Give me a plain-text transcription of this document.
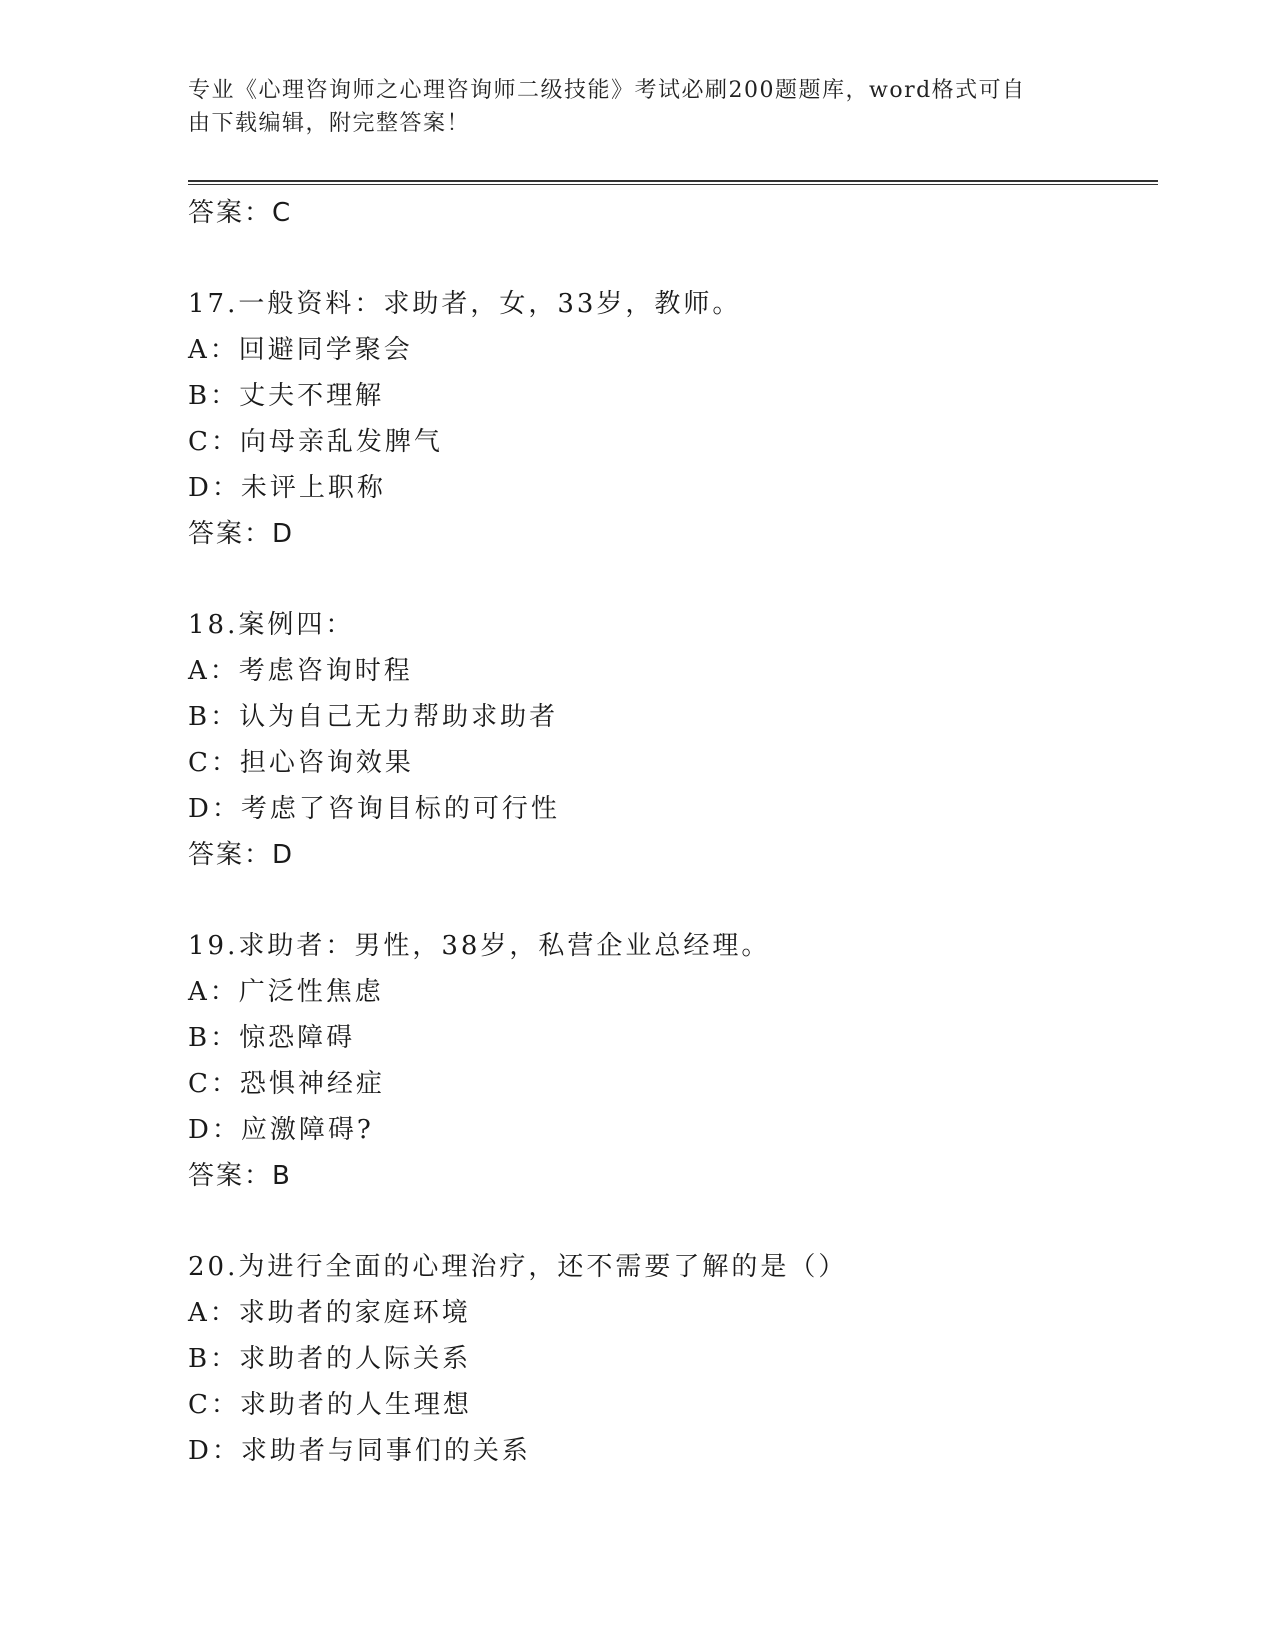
专业《心理咨询师之心理咨询师二级技能》考试必刷200题题库，word格式可自
由下载编辑，附完整答案！
答案：C
17.一般资料：求助者，女，33岁，教师。
A：回避同学聚会
B：丈夫不理解
C：向母亲乱发脾气
D：未评上职称
答案：D
18.案例四：
A：考虑咨询时程
B：认为自己无力帮助求助者
C：担心咨询效果
D：考虑了咨询目标的可行性
答案：D
19.求助者：男性，38岁，私营企业总经理。
A：广泛性焦虑
B：惊恐障碍
C：恐惧神经症
D：应激障碍?
答案：B
20.为进行全面的心理治疗，还不需要了解的是（）
A：求助者的家庭环境
B：求助者的人际关系
C：求助者的人生理想
D：求助者与同事们的关系
